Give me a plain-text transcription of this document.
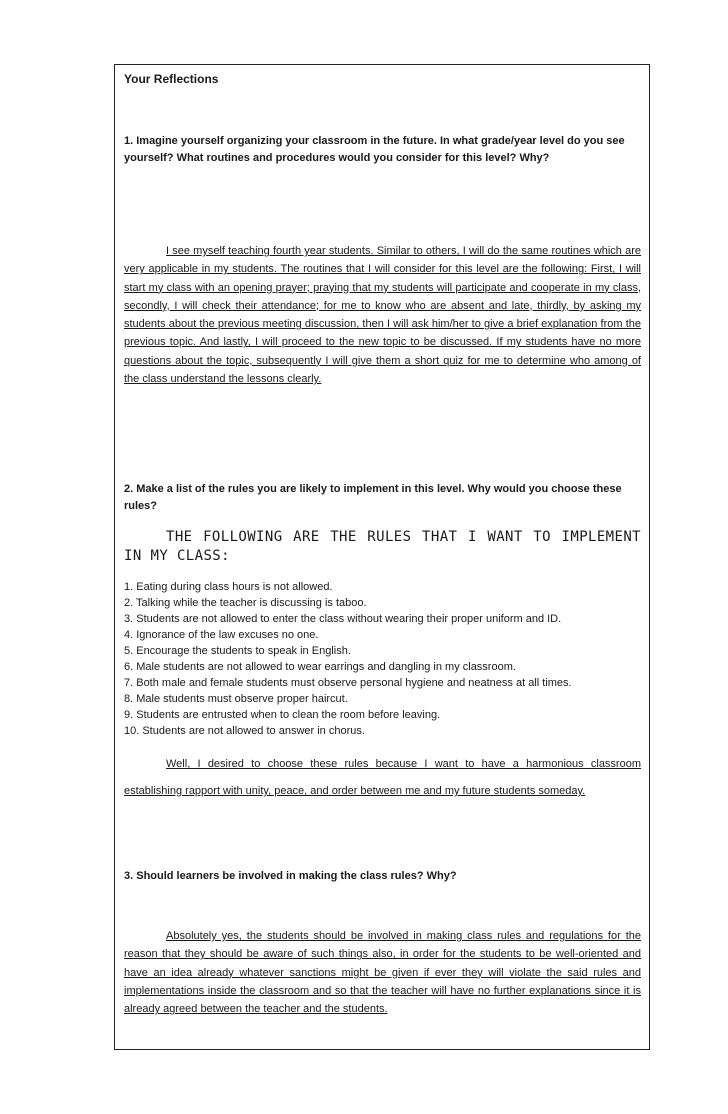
Your Reflections
1. Imagine yourself organizing your classroom in the future. In what grade/year level do you see yourself? What routines and procedures would you consider for this level? Why?

I see myself teaching fourth year students. Similar to others, I will do the same routines which are very applicable in my students. The routines that I will consider for this level are the following: First, I will start my class with an opening prayer; praying that my students will participate and cooperate in my class, secondly, I will check their attendance; for me to know who are absent and late, thirdly, by asking my students about the previous meeting discussion, then I will ask him/her to give a brief explanation from the previous topic. And lastly, I will proceed to the new topic to be discussed. If my students have no more questions about the topic, subsequently I will give them a short quiz for me to determine who among of the class understand the lessons clearly.

2. Make a list of the rules you are likely to implement in this level. Why would you choose these rules?
THE FOLLOWING ARE THE RULES THAT I WANT TO IMPLEMENT IN MY CLASS:
1. Eating during class hours is not allowed.
2. Talking while the teacher is discussing is taboo.
3. Students are not allowed to enter the class without wearing their proper uniform and ID.
4. Ignorance of the law excuses no one.
5. Encourage the students to speak in English.
6. Male students are not allowed to wear earrings and dangling in my classroom.
7. Both male and female students must observe personal hygiene and neatness at all times.
8. Male students must observe proper haircut.
9. Students are entrusted when to clean the room before leaving.
10. Students are not allowed to answer in chorus.

Well, I desired to choose these rules because I want to have a harmonious classroom establishing rapport with unity, peace, and order between me and my future students someday.

3. Should learners be involved in making the class rules? Why?

Absolutely yes, the students should be involved in making class rules and regulations for the reason that they should be aware of such things also, in order for the students to be well-oriented and have an idea already whatever sanctions might be given if ever they will violate the said rules and implementations inside the classroom and so that the teacher will have no further explanations since it is already agreed between the teacher and the students.
